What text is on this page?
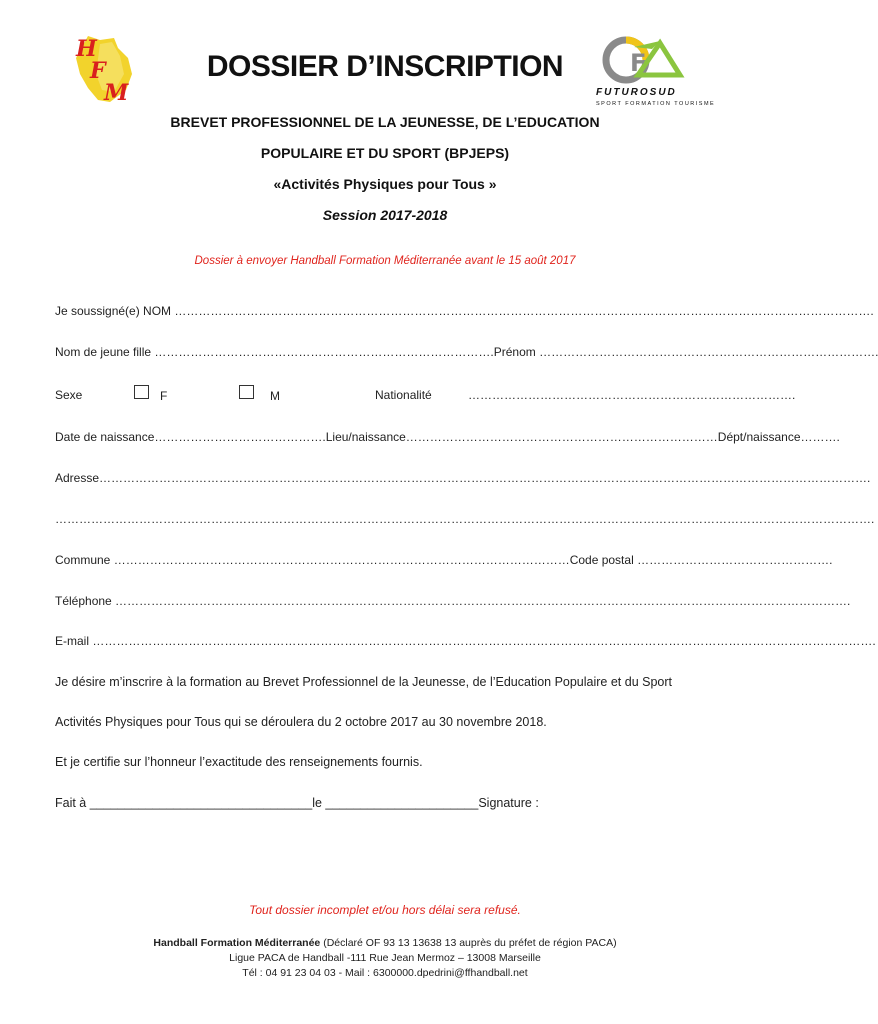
H
F
M
F
FUTUROSUD
SPORT FORMATION TOURISME
DOSSIER D’INSCRIPTION
BREVET PROFESSIONNEL DE LA JEUNESSE, DE L’EDUCATION
POPULAIRE ET DU SPORT (BPJEPS)
«Activités Physiques pour Tous »
Session 2017-2018
Dossier à envoyer Handball Formation Méditerranée avant le 15 août 2017
Je soussigné(e) NOM ………………………………………………………………………………………………………………………………………………………….
Nom de jeune fille ………………………………………………………………………….Prénom ………………………………………………………………………….
Sexe	F	M	Nationalité	……………………………………………………………………….
Date de naissance…………………………………….Lieu/naissance……………………………………………………………………Dépt/naissance……….
Adresse………………………………………………………………………………………………………………………………………………………………………….
…………………………………………………………………………………………………………………………………………………………………………………….
Commune ……………………………………………………………………………………………………Code postal ………………………………………….
Téléphone ………………………………………………………………………………………………………………………………………………………………….
E-mail …………………………………………………………………………………………………………………………………………………………………………….
Je désire m’inscrire à la formation au Brevet Professionnel de la Jeunesse, de l’Education Populaire et du Sport
Activités Physiques pour Tous qui se déroulera du 2 octobre 2017 au 30 novembre 2018.
Et je certifie sur l’honneur l’exactitude des renseignements fournis.
Fait à ________________________________le ______________________Signature :
Tout dossier incomplet et/ou hors délai sera refusé.
Handball Formation Méditerranée (Déclaré OF 93 13 13638 13 auprès du préfet de région PACA)
Ligue PACA de Handball -111 Rue Jean Mermoz – 13008 Marseille
Tél : 04 91 23 04 03 - Mail : 6300000.dpedrini@ffhandball.net
